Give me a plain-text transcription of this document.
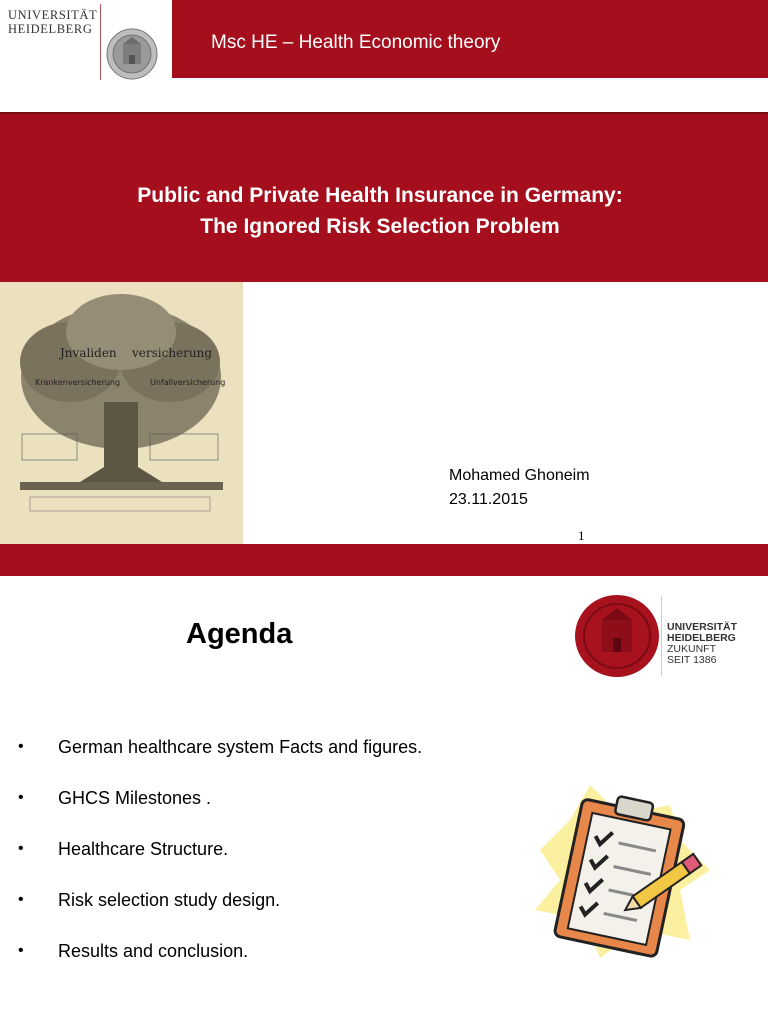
UNIVERSITÄT
HEIDELBERG
Msc HE – Health Economic theory
Public and Private Health Insurance in Germany:
The Ignored Risk Selection Problem
Jnvaliden versicherung
Krankenversicherung	Unfallversicherung
Mohamed Ghoneim
23.11.2015
1
Agenda	UNIVERSITÄT
HEIDELBERG
ZUKUNFT
SEIT 1386
• German healthcare system Facts and figures.
• GHCS Milestones .
• Healthcare Structure.
• Risk selection study design.
• Results and conclusion.
